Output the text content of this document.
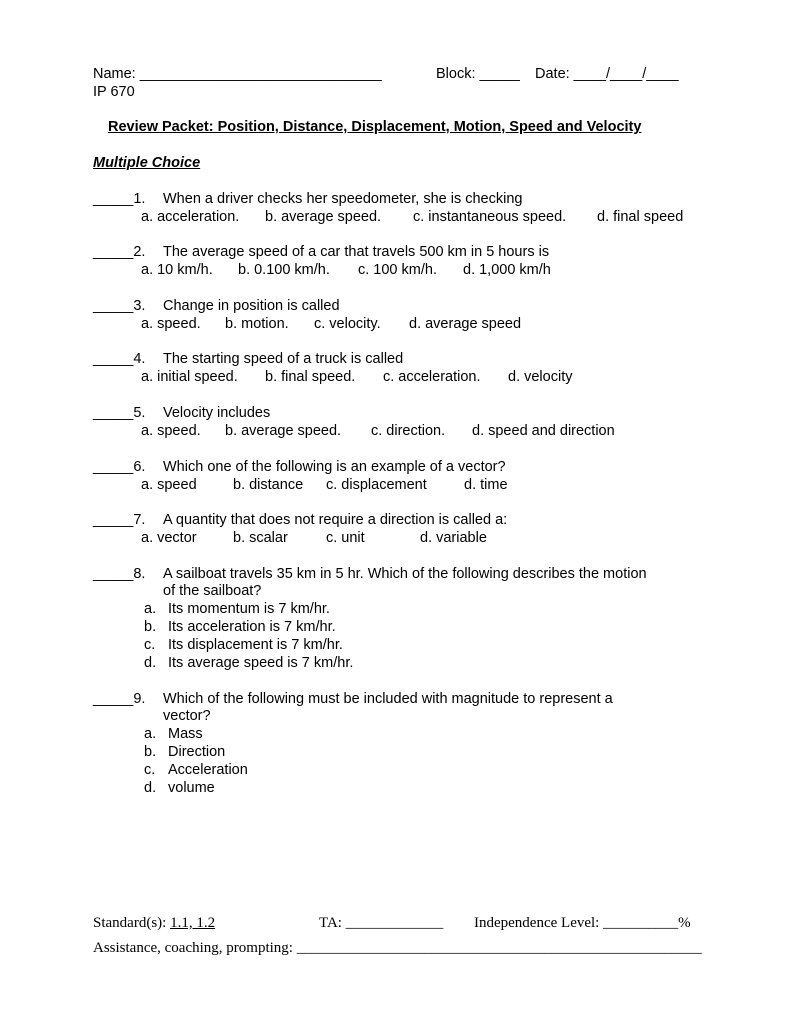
Name: ______________________________	Block: _____ Date: ____/____/____
IP 670
Review Packet: Position, Distance, Displacement, Motion, Speed and Velocity
Multiple Choice
_____1. When a driver checks her speedometer, she is checking
a. acceleration. b. average speed. c. instantaneous speed. d. final speed
_____2. The average speed of a car that travels 500 km in 5 hours is
a. 10 km/h. b. 0.100 km/h. c. 100 km/h. d. 1,000 km/h
_____3. Change in position is called
a. speed. b. motion. c. velocity. d. average speed
_____4. The starting speed of a truck is called
a. initial speed. b. final speed. c. acceleration. d. velocity
_____5. Velocity includes
a. speed. b. average speed. c. direction. d. speed and direction
_____6. Which one of the following is an example of a vector?
a. speed	b. distance c. displacement	d. time
_____7. A quantity that does not require a direction is called a:
a. vector	b. scalar	c. unit	d. variable
_____8. A sailboat travels 35 km in 5 hr. Which of the following describes the motion
of the sailboat?
a. Its momentum is 7 km/hr.
b. Its acceleration is 7 km/hr.
c. Its displacement is 7 km/hr.
d. Its average speed is 7 km/hr.
_____9. Which of the following must be included with magnitude to represent a
vector?
a. Mass
b. Direction
c. Acceleration
d. volume
Standard(s): 1.1, 1.2	TA: _____________ Independence Level: __________%
Assistance, coaching, prompting: ______________________________________________________
